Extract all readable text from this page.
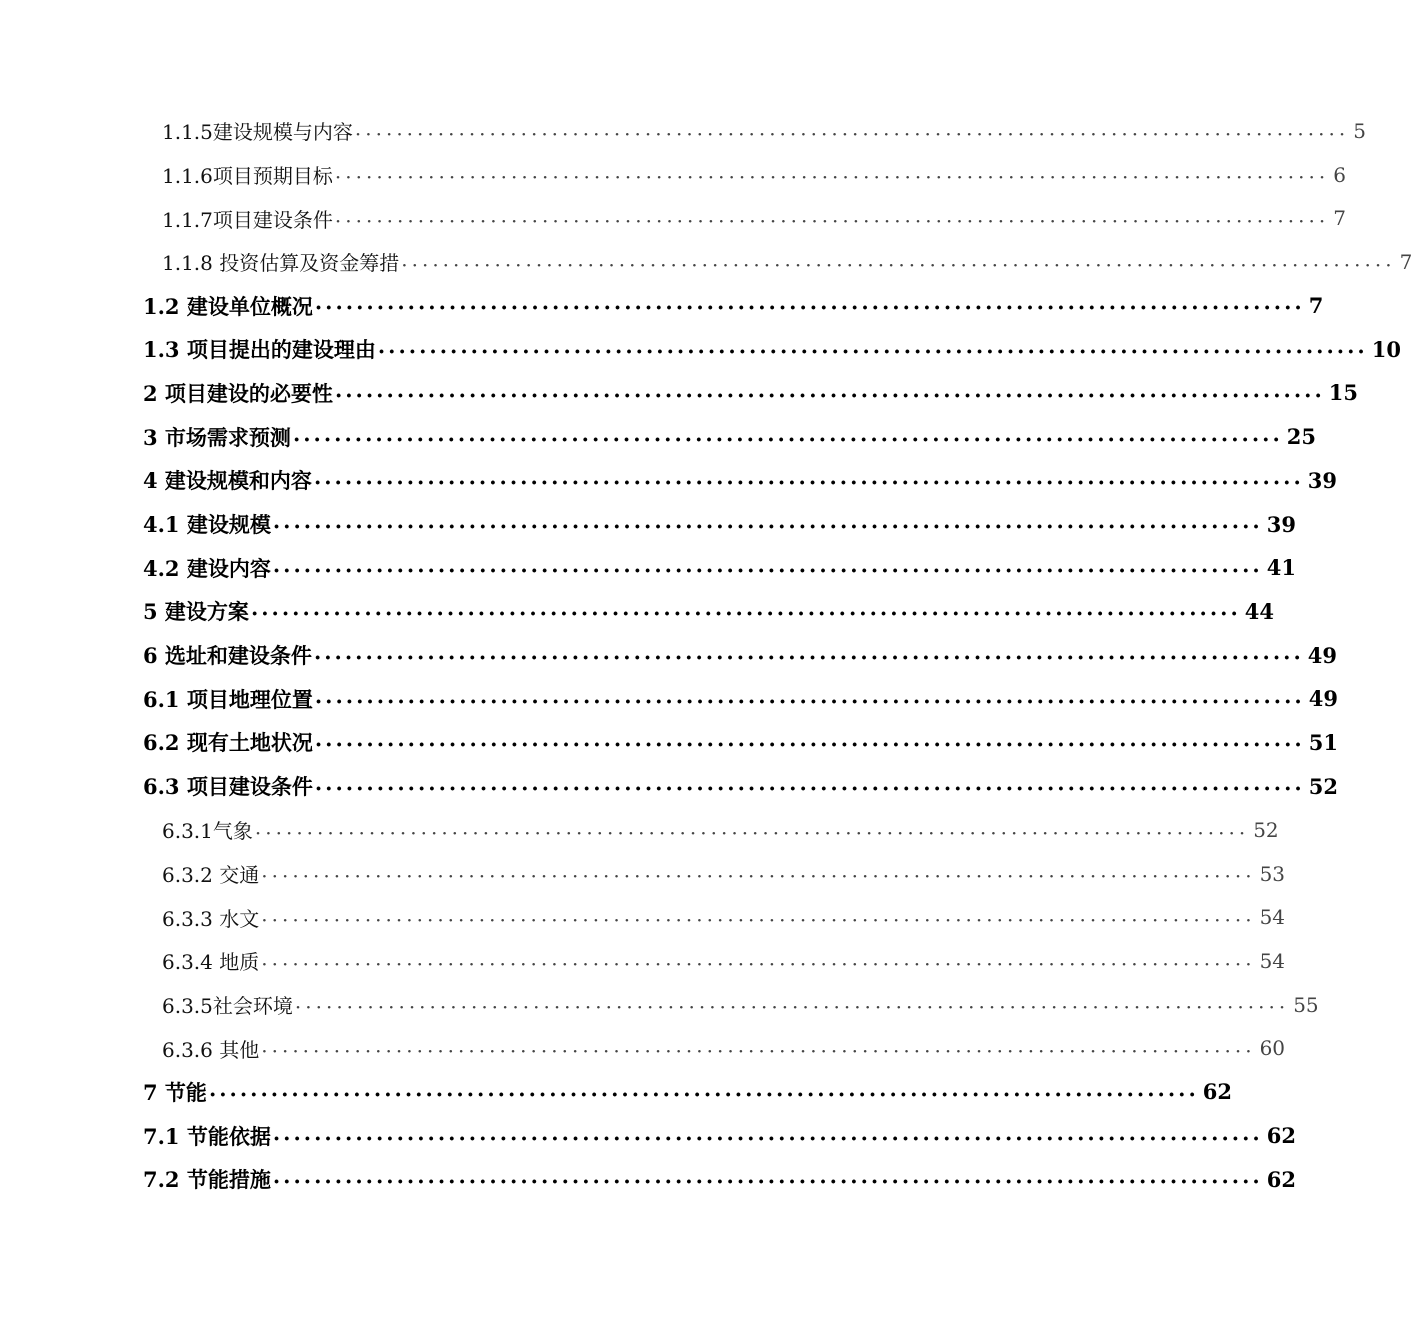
1.1.5建设规模与内容 ································································································ 5
1.1.6项目预期目标 ································································································ 6
1.1.7项目建设条件 ································································································ 7
1.1.8 投资估算及资金筹措 ································································································ 7
1.2 建设单位概况 ································································································ 7
1.3 项目提出的建设理由 ································································································ 10
2 项目建设的必要性 ································································································ 15
3 市场需求预测 ································································································ 25
4 建设规模和内容 ································································································ 39
4.1 建设规模 ································································································ 39
4.2 建设内容 ································································································ 41
5 建设方案 ································································································ 44
6 选址和建设条件 ································································································ 49
6.1 项目地理位置 ································································································ 49
6.2 现有土地状况 ································································································ 51
6.3 项目建设条件 ································································································ 52
6.3.1气象 ································································································ 52
6.3.2 交通 ································································································ 53
6.3.3 水文 ································································································ 54
6.3.4 地质 ································································································ 54
6.3.5社会环境 ································································································ 55
6.3.6 其他 ································································································ 60
7 节能 ································································································ 62
7.1 节能依据 ································································································ 62
7.2 节能措施 ································································································ 62
